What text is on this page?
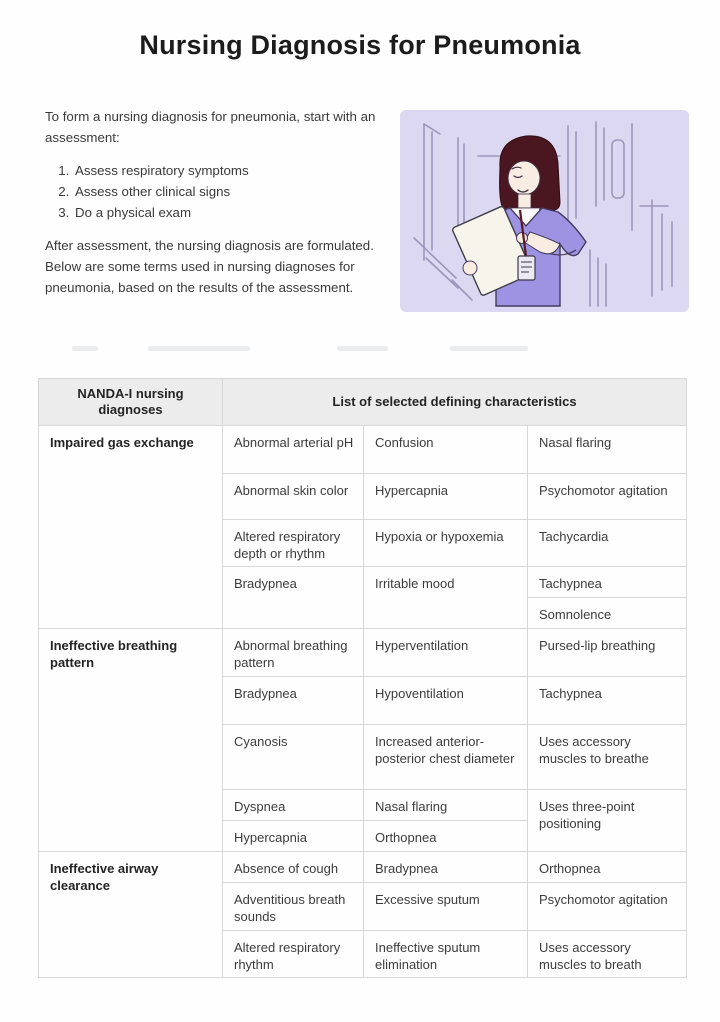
Nursing Diagnosis for Pneumonia

To form a nursing diagnosis for pneumonia, start with an assessment:

1. Assess respiratory symptoms
2. Assess other clinical signs
3. Do a physical exam

After assessment, the nursing diagnosis are formulated. Below are some terms used in nursing diagnoses for pneumonia, based on the results of the assessment.

NANDA-I nursing diagnoses	List of selected defining characteristics		
Impaired gas exchange	Abnormal arterial pH	Confusion	Nasal flaring
	Abnormal skin color	Hypercapnia	Psychomotor agitation
	Altered respiratory depth or rhythm	Hypoxia or hypoxemia	Tachycardia
	Bradypnea	Irritable mood	Tachypnea
			Somnolence
Ineffective breathing pattern	Abnormal breathing pattern	Hyperventilation	Pursed-lip breathing
	Bradypnea	Hypoventilation	Tachypnea
	Cyanosis	Increased anterior-posterior chest diameter	Uses accessory muscles to breathe
	Dyspnea	Nasal flaring	Uses three-point positioning
	Hypercapnia	Orthopnea	
Ineffective airway clearance	Absence of cough	Bradypnea	Orthopnea
	Adventitious breath sounds	Excessive sputum	Psychomotor agitation
	Altered respiratory rhythm	Ineffective sputum elimination	Uses accessory muscles to breath
